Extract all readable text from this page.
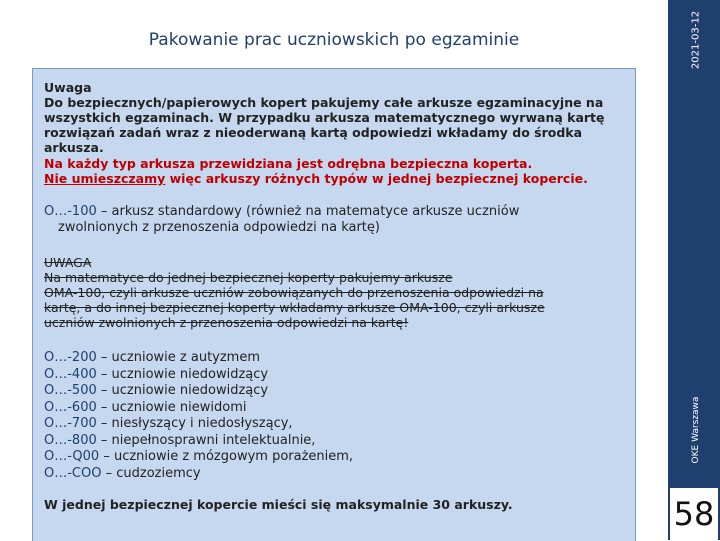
2021-03-12
OKE Warszawa
58
Pakowanie prac uczniowskich po egzaminie
Uwaga
Do bezpiecznych/papierowych kopert pakujemy całe arkusze egzaminacyjne na
wszystkich egzaminach. W przypadku arkusza matematycznego wyrwaną kartę
rozwiązań zadań wraz z nieoderwaną kartą odpowiedzi wkładamy do środka arkusza.
Na każdy typ arkusza przewidziana jest odrębna bezpieczna koperta.
Nie umieszczamy więc arkuszy różnych typów w jednej bezpiecznej kopercie.
O…-100 – arkusz standardowy (również na matematyce arkusze uczniów
zwolnionych z przenoszenia odpowiedzi na kartę)
UWAGA
Na matematyce do jednej bezpiecznej koperty pakujemy arkusze
OMA-100, czyli arkusze uczniów zobowiązanych do przenoszenia odpowiedzi na
kartę, a do innej bezpiecznej koperty wkładamy arkusze OMA-100, czyli arkusze
uczniów zwolnionych z przenoszenia odpowiedzi na kartę!
O…-200 – uczniowie z autyzmem
O…-400 – uczniowie niedowidzący
O…-500 – uczniowie niedowidzący
O…-600 – uczniowie niewidomi
O…-700 – niesłyszący i niedosłyszący,
O…-800 – niepełnosprawni intelektualnie,
O…-Q00 – uczniowie z mózgowym porażeniem,
O…-COO – cudzoziemcy
W jednej bezpiecznej kopercie mieści się maksymalnie 30 arkuszy.
